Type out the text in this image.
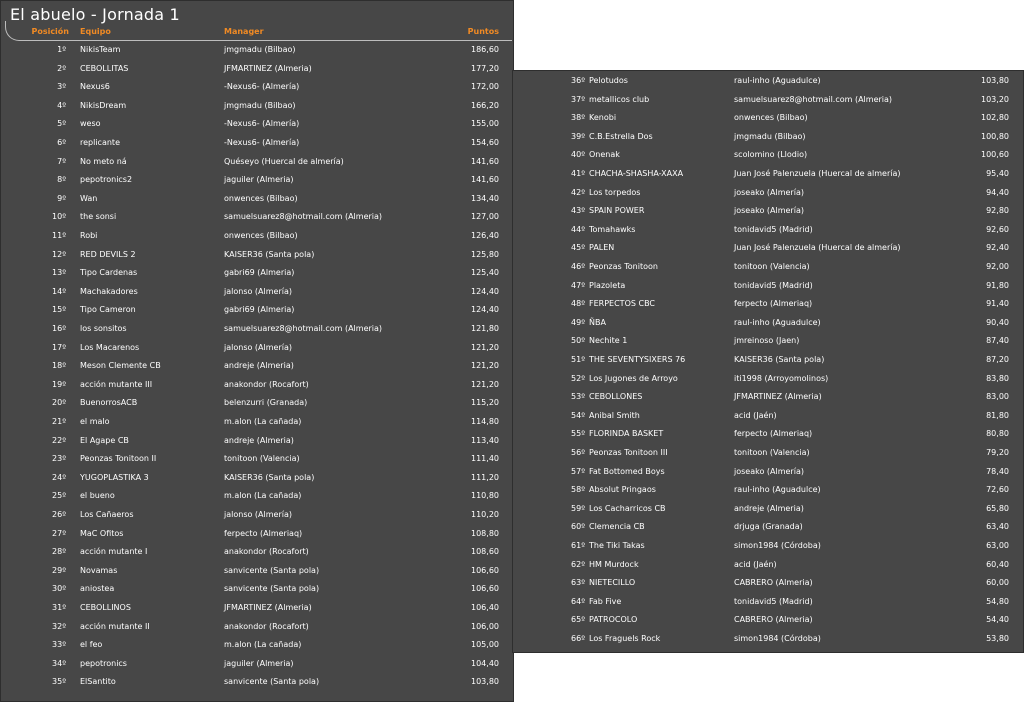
El abuelo - Jornada 1
Posición Equipo	Manager	Puntos
1º NikisTeam	jmgmadu (Bilbao)	186,60
2º CEBOLLITAS	JFMARTINEZ (Almeria)	177,20
3º Nexus6	-Nexus6- (Almería)	172,00
4º NikisDream	jmgmadu (Bilbao)	166,20
5º weso	-Nexus6- (Almería)	155,00
6º replicante	-Nexus6- (Almería)	154,60
7º No meto ná	Quéseyo (Huercal de almería)	141,60
8º pepotronics2	jaguiler (Almeria)	141,60
9º Wan	onwences (Bilbao)	134,40
10º the sonsi	samuelsuarez8@hotmail.com (Almeria)	127,00
11º Robi	onwences (Bilbao)	126,40
12º RED DEVILS 2	KAISER36 (Santa pola)	125,80
13º Tipo Cardenas	gabri69 (Almeria)	125,40
14º Machakadores	jalonso (Almería)	124,40
15º Tipo Cameron	gabri69 (Almeria)	124,40
16º los sonsitos	samuelsuarez8@hotmail.com (Almeria)	121,80
17º Los Macarenos	jalonso (Almería)	121,20
18º Meson Clemente CB	andreje (Almeria)	121,20
19º acción mutante III	anakondor (Rocafort)	121,20
20º BuenorrosACB	belenzurri (Granada)	115,20
21º el malo	m.alon (La cañada)	114,80
22º El Agape CB	andreje (Almeria)	113,40
23º Peonzas Tonitoon II	tonitoon (Valencia)	111,40
24º YUGOPLASTIKA 3	KAISER36 (Santa pola)	111,20
25º el bueno	m.alon (La cañada)	110,80
26º Los Cañaeros	jalonso (Almería)	110,20
27º MaC Ofitos	ferpecto (Almeriaq)	108,80
28º acción mutante I	anakondor (Rocafort)	108,60
29º Novamas	sanvicente (Santa pola)	106,60
30º aniostea	sanvicente (Santa pola)	106,60
31º CEBOLLINOS	JFMARTINEZ (Almeria)	106,40
32º acción mutante II	anakondor (Rocafort)	106,00
33º el feo	m.alon (La cañada)	105,00
34º pepotronics	jaguiler (Almeria)	104,40
35º ElSantito	sanvicente (Santa pola)	103,80
36º Pelotudos	raul-inho (Aguadulce)	103,80
37º metallicos club	samuelsuarez8@hotmail.com (Almeria)	103,20
38º Kenobi	onwences (Bilbao)	102,80
39º C.B.Estrella Dos	jmgmadu (Bilbao)	100,80
40º Onenak	scolomino (Llodio)	100,60
41º CHACHA-SHASHA-XAXA	Juan José Palenzuela (Huercal de almería)	95,40
42º Los torpedos	joseako (Almería)	94,40
43º SPAIN POWER	joseako (Almería)	92,80
44º Tomahawks	tonidavid5 (Madrid)	92,60
45º PALEN	Juan José Palenzuela (Huercal de almería)	92,40
46º Peonzas Tonitoon	tonitoon (Valencia)	92,00
47º Plazoleta	tonidavid5 (Madrid)	91,80
48º FERPECTOS CBC	ferpecto (Almeriaq)	91,40
49º ÑBA	raul-inho (Aguadulce)	90,40
50º Nechite 1	jmreinoso (Jaen)	87,40
51º THE SEVENTYSIXERS 76	KAISER36 (Santa pola)	87,20
52º Los Jugones de Arroyo	iti1998 (Arroyomolinos)	83,80
53º CEBOLLONES	JFMARTINEZ (Almeria)	83,00
54º Anibal Smith	acid (Jaén)	81,80
55º FLORINDA BASKET	ferpecto (Almeriaq)	80,80
56º Peonzas Tonitoon III	tonitoon (Valencia)	79,20
57º Fat Bottomed Boys	joseako (Almería)	78,40
58º Absolut Pringaos	raul-inho (Aguadulce)	72,60
59º Los Cacharricos CB	andreje (Almeria)	65,80
60º Clemencia CB	drjuga (Granada)	63,40
61º The Tiki Takas	simon1984 (Córdoba)	63,00
62º HM Murdock	acid (Jaén)	60,40
63º NIETECILLO	CABRERO (Almeria)	60,00
64º Fab Five	tonidavid5 (Madrid)	54,80
65º PATROCOLO	CABRERO (Almeria)	54,40
66º Los Fraguels Rock	simon1984 (Córdoba)	53,80
